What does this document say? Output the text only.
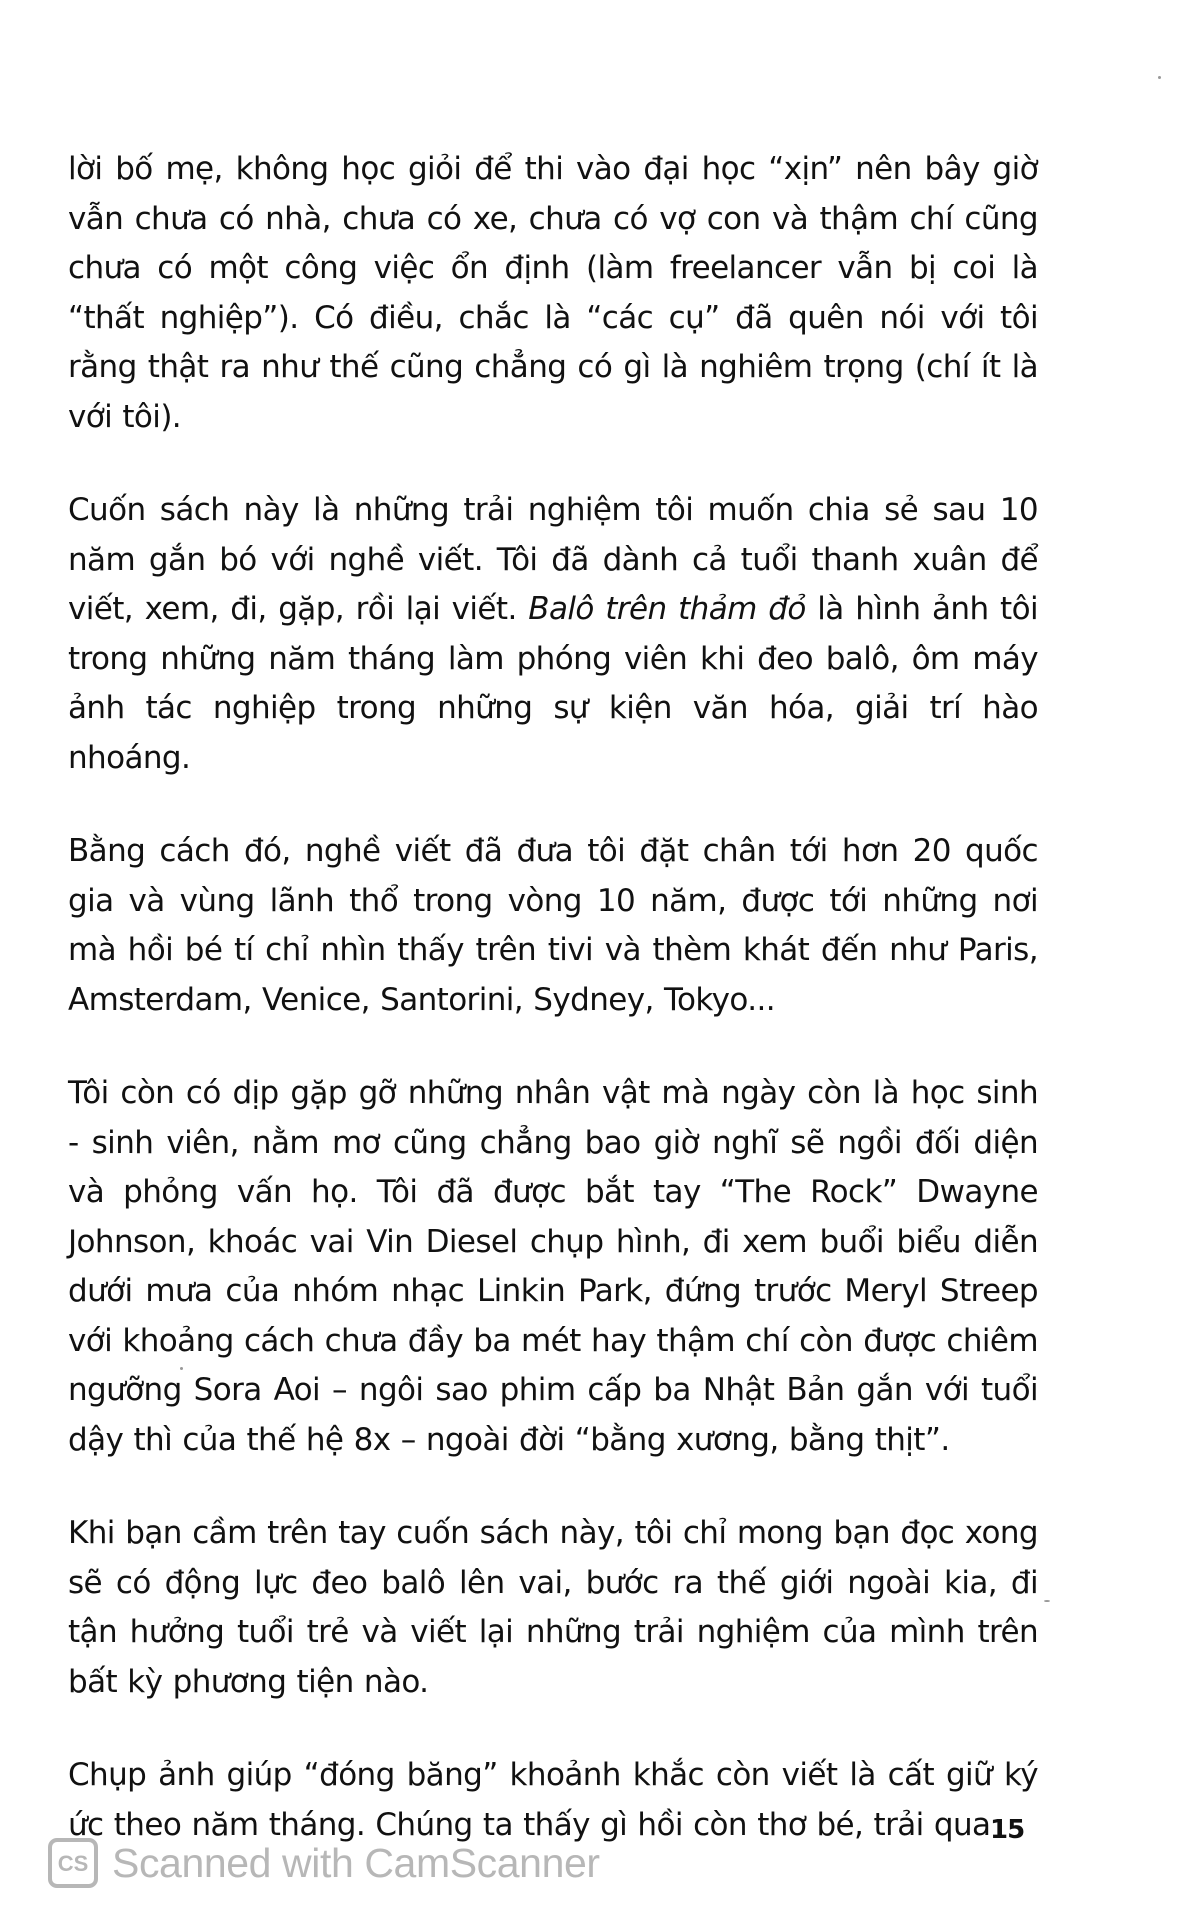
lời bố mẹ, không học giỏi để thi vào đại học “xịn” nên bây giờ vẫn chưa có nhà, chưa có xe, chưa có vợ con và thậm chí cũng chưa có một công việc ổn định (làm freelancer vẫn bị coi là “thất nghiệp”). Có điều, chắc là “các cụ” đã quên nói với tôi rằng thật ra như thế cũng chẳng có gì là nghiêm trọng (chí ít là với tôi).

Cuốn sách này là những trải nghiệm tôi muốn chia sẻ sau 10 năm gắn bó với nghề viết. Tôi đã dành cả tuổi thanh xuân để viết, xem, đi, gặp, rồi lại viết. Balô trên thảm đỏ là hình ảnh tôi trong những năm tháng làm phóng viên khi đeo balô, ôm máy ảnh tác nghiệp trong những sự kiện văn hóa, giải trí hào nhoáng.

Bằng cách đó, nghề viết đã đưa tôi đặt chân tới hơn 20 quốc gia và vùng lãnh thổ trong vòng 10 năm, được tới những nơi mà hồi bé tí chỉ nhìn thấy trên tivi và thèm khát đến như Paris, Amsterdam, Venice, Santorini, Sydney, Tokyo...

Tôi còn có dịp gặp gỡ những nhân vật mà ngày còn là học sinh - sinh viên, nằm mơ cũng chẳng bao giờ nghĩ sẽ ngồi đối diện và phỏng vấn họ. Tôi đã được bắt tay “The Rock” Dwayne Johnson, khoác vai Vin Diesel chụp hình, đi xem buổi biểu diễn dưới mưa của nhóm nhạc Linkin Park, đứng trước Meryl Streep với khoảng cách chưa đầy ba mét hay thậm chí còn được chiêm ngưỡng Sora Aoi – ngôi sao phim cấp ba Nhật Bản gắn với tuổi dậy thì của thế hệ 8x – ngoài đời “bằng xương, bằng thịt”.

Khi bạn cầm trên tay cuốn sách này, tôi chỉ mong bạn đọc xong sẽ có động lực đeo balô lên vai, bước ra thế giới ngoài kia, đi tận hưởng tuổi trẻ và viết lại những trải nghiệm của mình trên bất kỳ phương tiện nào.

Chụp ảnh giúp “đóng băng” khoảnh khắc còn viết là cất giữ ký ức theo năm tháng. Chúng ta thấy gì hồi còn thơ bé, trải qua 15
CS Scanned with CamScanner
